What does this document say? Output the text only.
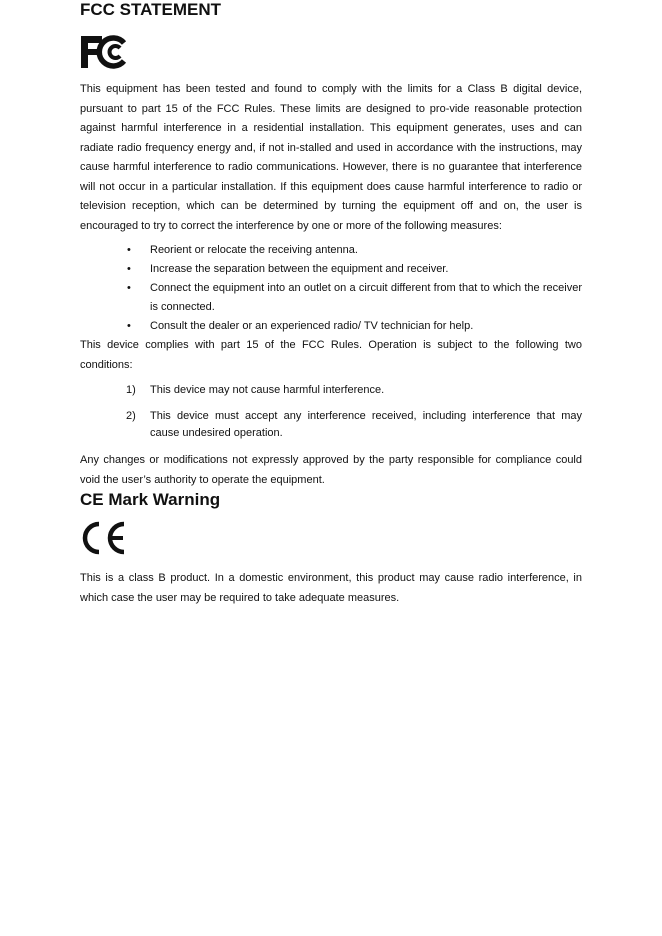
FCC STATEMENT

This equipment has been tested and found to comply with the limits for a Class B digital device, pursuant to part 15 of the FCC Rules. These limits are designed to pro-vide reasonable protection against harmful interference in a residential installation. This equipment generates, uses and can radiate radio frequency energy and, if not in-stalled and used in accordance with the instructions, may cause harmful interference to radio communications. However, there is no guarantee that interference will not occur in a particular installation. If this equipment does cause harmful interference to radio or television reception, which can be determined by turning the equipment off and on, the user is encouraged to try to correct the interference by one or more of the following measures:

• Reorient or relocate the receiving antenna.
• Increase the separation between the equipment and receiver.
• Connect the equipment into an outlet on a circuit different from that to which the receiver is connected.
• Consult the dealer or an experienced radio/ TV technician for help.

This device complies with part 15 of the FCC Rules. Operation is subject to the following two conditions:

1) This device may not cause harmful interference.
2) This device must accept any interference received, including interference that may cause undesired operation.

Any changes or modifications not expressly approved by the party responsible for compliance could void the user’s authority to operate the equipment.

CE Mark Warning

This is a class B product. In a domestic environment, this product may cause radio interference, in which case the user may be required to take adequate measures.
